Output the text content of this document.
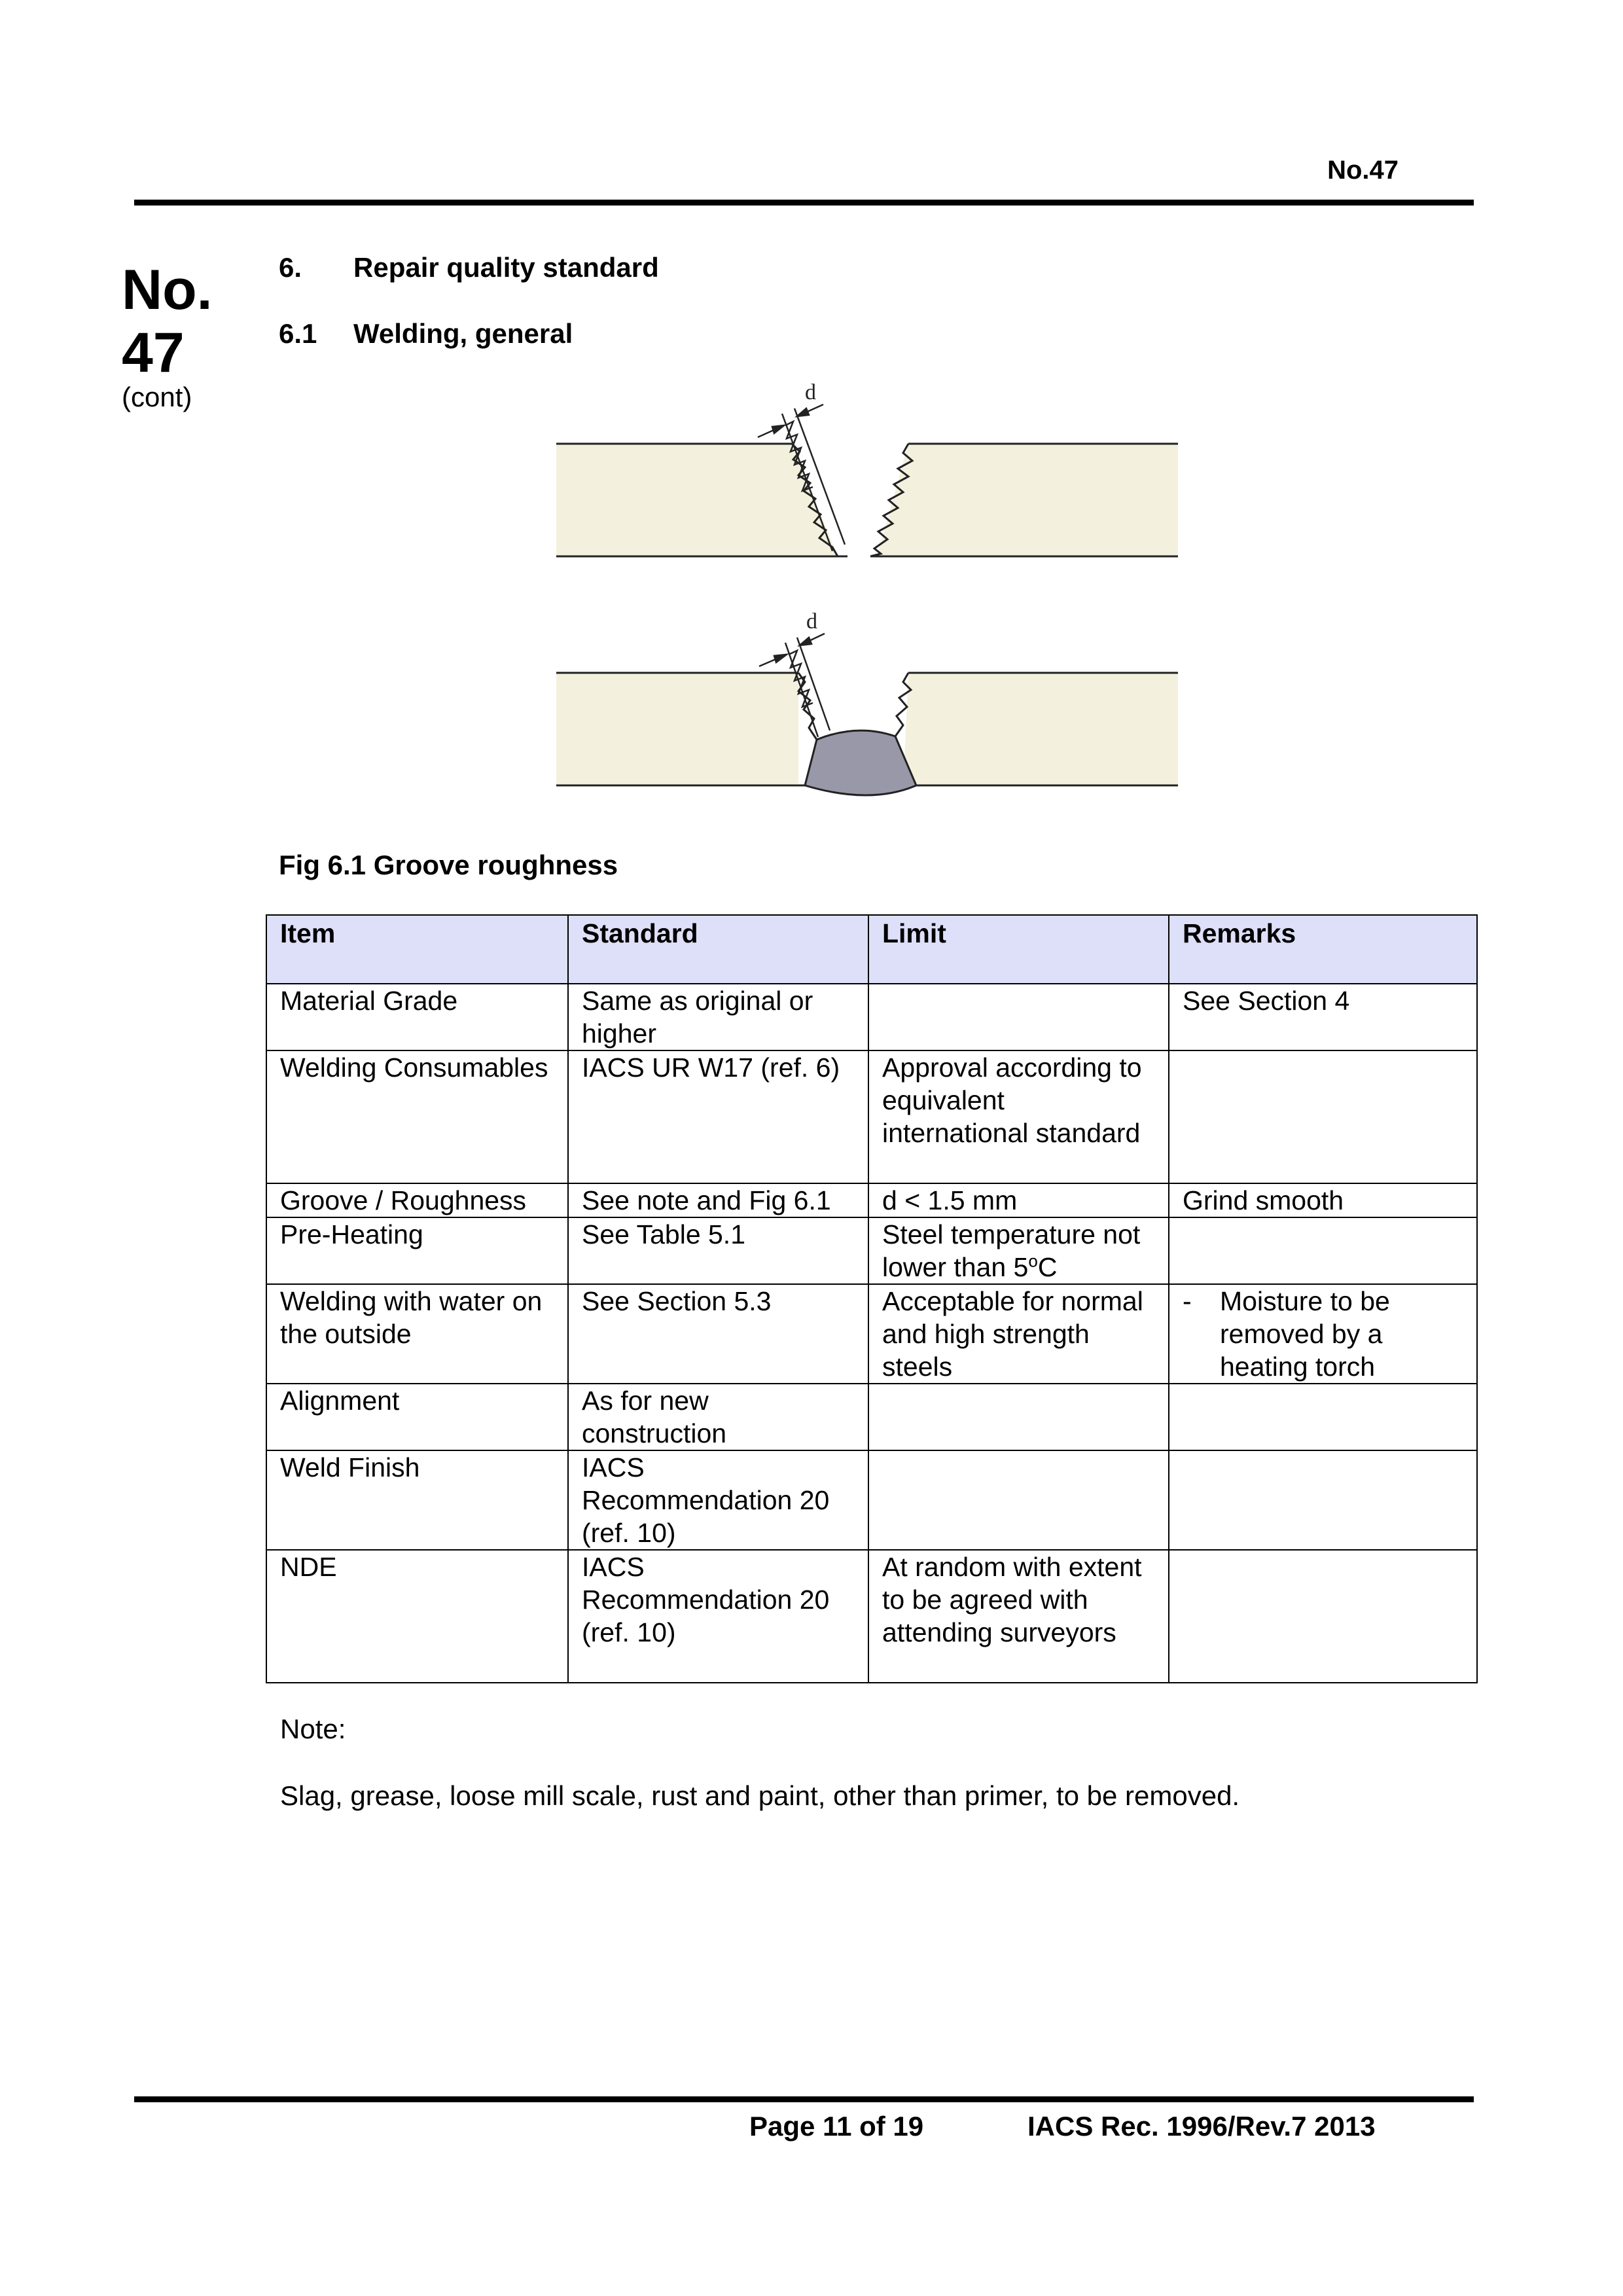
No.47
No.
47
(cont)
6. Repair quality standard
6.1 Welding, general
d
d
Fig 6.1 Groove roughness
Item	Standard	Limit	Remarks
Material Grade	Same as original or higher		See Section 4
Welding Consumables	IACS UR W17 (ref. 6)	Approval according to equivalent international standard	
Groove / Roughness	See note and Fig 6.1	d < 1.5 mm	Grind smooth
Pre-Heating	See Table 5.1	Steel temperature not lower than 5$^o$C	
Welding with water on the outside	See Section 5.3	Acceptable for normal and high strength steels	- Moisture to be removed by a heating torch

Alignment	As for new construction		
Weld Finish	IACS Recommendation 20 (ref. 10)		
NDE	IACS Recommendation 20 (ref. 10)	At random with extent to be agreed with attending surveyors	
Note:
Slag, grease, loose mill scale, rust and paint, other than primer, to be removed.
Page 11 of 19	IACS Rec. 1996/Rev.7 2013
